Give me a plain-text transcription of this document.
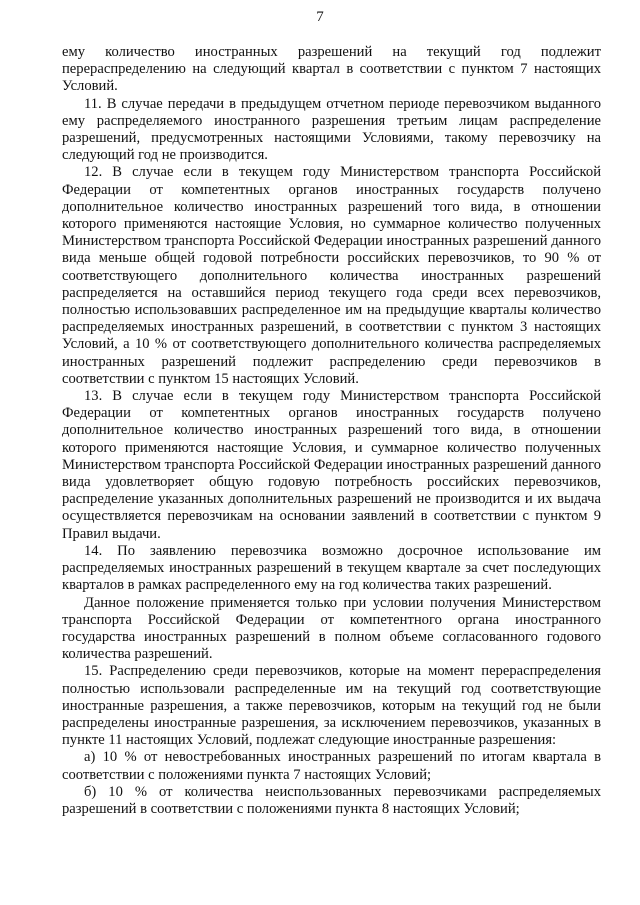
7

ему количество иностранных разрешений на текущий год подлежит перераспределению на следующий квартал в соответствии с пунктом 7 настоящих Условий.

11. В случае передачи в предыдущем отчетном периоде перевозчиком выданного ему распределяемого иностранного разрешения третьим лицам распределение разрешений, предусмотренных настоящими Условиями, такому перевозчику на следующий год не производится.

12. В случае если в текущем году Министерством транспорта Российской Федерации от компетентных органов иностранных государств получено дополнительное количество иностранных разрешений того вида, в отношении которого применяются настоящие Условия, но суммарное количество полученных Министерством транспорта Российской Федерации иностранных разрешений данного вида меньше общей годовой потребности российских перевозчиков, то 90 % от соответствующего дополнительного количества иностранных разрешений распределяется на оставшийся период текущего года среди всех перевозчиков, полностью использовавших распределенное им на предыдущие кварталы количество распределяемых иностранных разрешений, в соответствии с пунктом 3 настоящих Условий, а 10 % от соответствующего дополнительного количества распределяемых иностранных разрешений подлежит распределению среди перевозчиков в соответствии с пунктом 15 настоящих Условий.

13. В случае если в текущем году Министерством транспорта Российской Федерации от компетентных органов иностранных государств получено дополнительное количество иностранных разрешений того вида, в отношении которого применяются настоящие Условия, и суммарное количество полученных Министерством транспорта Российской Федерации иностранных разрешений данного вида удовлетворяет общую годовую потребность российских перевозчиков, распределение указанных дополнительных разрешений не производится и их выдача осуществляется перевозчикам на основании заявлений в соответствии с пунктом 9 Правил выдачи.

14. По заявлению перевозчика возможно досрочное использование им распределяемых иностранных разрешений в текущем квартале за счет последующих кварталов в рамках распределенного ему на год количества таких разрешений.

Данное положение применяется только при условии получения Министерством транспорта Российской Федерации от компетентного органа иностранного государства иностранных разрешений в полном объеме согласованного годового количества разрешений.

15. Распределению среди перевозчиков, которые на момент перераспределения полностью использовали распределенные им на текущий год соответствующие иностранные разрешения, а также перевозчиков, которым на текущий год не были распределены иностранные разрешения, за исключением перевозчиков, указанных в пункте 11 настоящих Условий, подлежат следующие иностранные разрешения:

а) 10 % от невостребованных иностранных разрешений по итогам квартала в соответствии с положениями пункта 7 настоящих Условий;

б) 10 % от количества неиспользованных перевозчиками распределяемых разрешений в соответствии с положениями пункта 8 настоящих Условий;
